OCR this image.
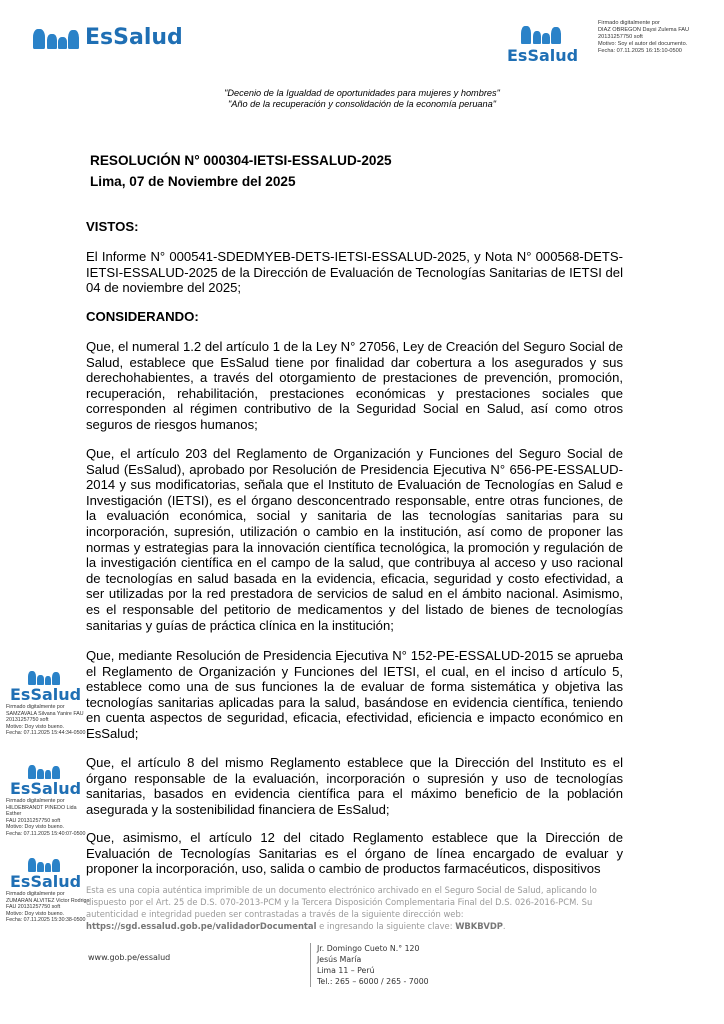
EsSalud
EsSalud
Firmado digitalmente por
DIAZ OBREGON Daysi Zulema FAU
20131257750 soft
Motivo: Soy el autor del documento.
Fecha: 07.11.2025 16:15:10-0500
"Decenio de la Igualdad de oportunidades para mujeres y hombres"
"Año de la recuperación y consolidación de la economía peruana"
RESOLUCIÓN N° 000304-IETSI-ESSALUD-2025
Lima, 07 de Noviembre del 2025
VISTOS:
El Informe N° 000541-SDEDMYEB-DETS-IETSI-ESSALUD-2025, y Nota N° 000568-DETS-IETSI-ESSALUD-2025 de la Dirección de Evaluación de Tecnologías Sanitarias de IETSI del 04 de noviembre del 2025;
CONSIDERANDO:
Que, el numeral 1.2 del artículo 1 de la Ley N° 27056, Ley de Creación del Seguro Social de Salud, establece que EsSalud tiene por finalidad dar cobertura a los asegurados y sus derechohabientes, a través del otorgamiento de prestaciones de prevención, promoción, recuperación, rehabilitación, prestaciones económicas y prestaciones sociales que corresponden al régimen contributivo de la Seguridad Social en Salud, así como otros seguros de riesgos humanos;
Que, el artículo 203 del Reglamento de Organización y Funciones del Seguro Social de Salud (EsSalud), aprobado por Resolución de Presidencia Ejecutiva N° 656-PE-ESSALUD-2014 y sus modificatorias, señala que el Instituto de Evaluación de Tecnologías en Salud e Investigación (IETSI), es el órgano desconcentrado responsable, entre otras funciones, de la evaluación económica, social y sanitaria de las tecnologías sanitarias para su incorporación, supresión, utilización o cambio en la institución, así como de proponer las normas y estrategias para la innovación científica tecnológica, la promoción y regulación de la investigación científica en el campo de la salud, que contribuya al acceso y uso racional de tecnologías en salud basada en la evidencia, eficacia, seguridad y costo efectividad, a ser utilizadas por la red prestadora de servicios de salud en el ámbito nacional. Asimismo, es el responsable del petitorio de medicamentos y del listado de bienes de tecnologías sanitarias y guías de práctica clínica en la institución;
Que, mediante Resolución de Presidencia Ejecutiva N° 152-PE-ESSALUD-2015 se aprueba el Reglamento de Organización y Funciones del IETSI, el cual, en el inciso d artículo 5, establece como una de sus funciones la de evaluar de forma sistemática y objetiva las tecnologías sanitarias aplicadas para la salud, basándose en evidencia científica, teniendo en cuenta aspectos de seguridad, eficacia, efectividad, eficiencia e impacto económico en EsSalud;
Que, el artículo 8 del mismo Reglamento establece que la Dirección del Instituto es el órgano responsable de la evaluación, incorporación o supresión y uso de tecnologías sanitarias, basados en evidencia científica para el máximo beneficio de la población asegurada y la sostenibilidad financiera de EsSalud;
Que, asimismo, el artículo 12 del citado Reglamento establece que la Dirección de Evaluación de Tecnologías Sanitarias es el órgano de línea encargado de evaluar y proponer la incorporación, uso, salida o cambio de productos farmacéuticos, dispositivos
EsSalud
Firmado digitalmente por
SAMZAVALA Silvana Yanire FAU
20131257750 soft
Motivo: Doy visto bueno.
Fecha: 07.11.2025 15:44:34-0500
EsSalud
Firmado digitalmente por
HILDEBRANDT PINEDO Lida Esther
FAU 20131257750 soft
Motivo: Doy visto bueno.
Fecha: 07.11.2025 15:40:07-0500
EsSalud
Firmado digitalmente por
ZUMARAN ALVITEZ Victor Rodrigo
FAU 20131257750 soft
Motivo: Doy visto bueno.
Fecha: 07.11.2025 15:30:38-0500
Esta es una copia auténtica imprimible de un documento electrónico archivado en el Seguro Social de Salud, aplicando lo dispuesto por el Art. 25 de D.S. 070-2013-PCM y la Tercera Disposición Complementaria Final del D.S. 026-2016-PCM. Su autenticidad e integridad pueden ser contrastadas a través de la siguiente dirección web: https://sgd.essalud.gob.pe/validadorDocumental e ingresando la siguiente clave: WBKBVDP.
www.gob.pe/essalud
Jr. Domingo Cueto N.° 120
Jesús María
Lima 11 – Perú
Tel.: 265 – 6000 / 265 - 7000
